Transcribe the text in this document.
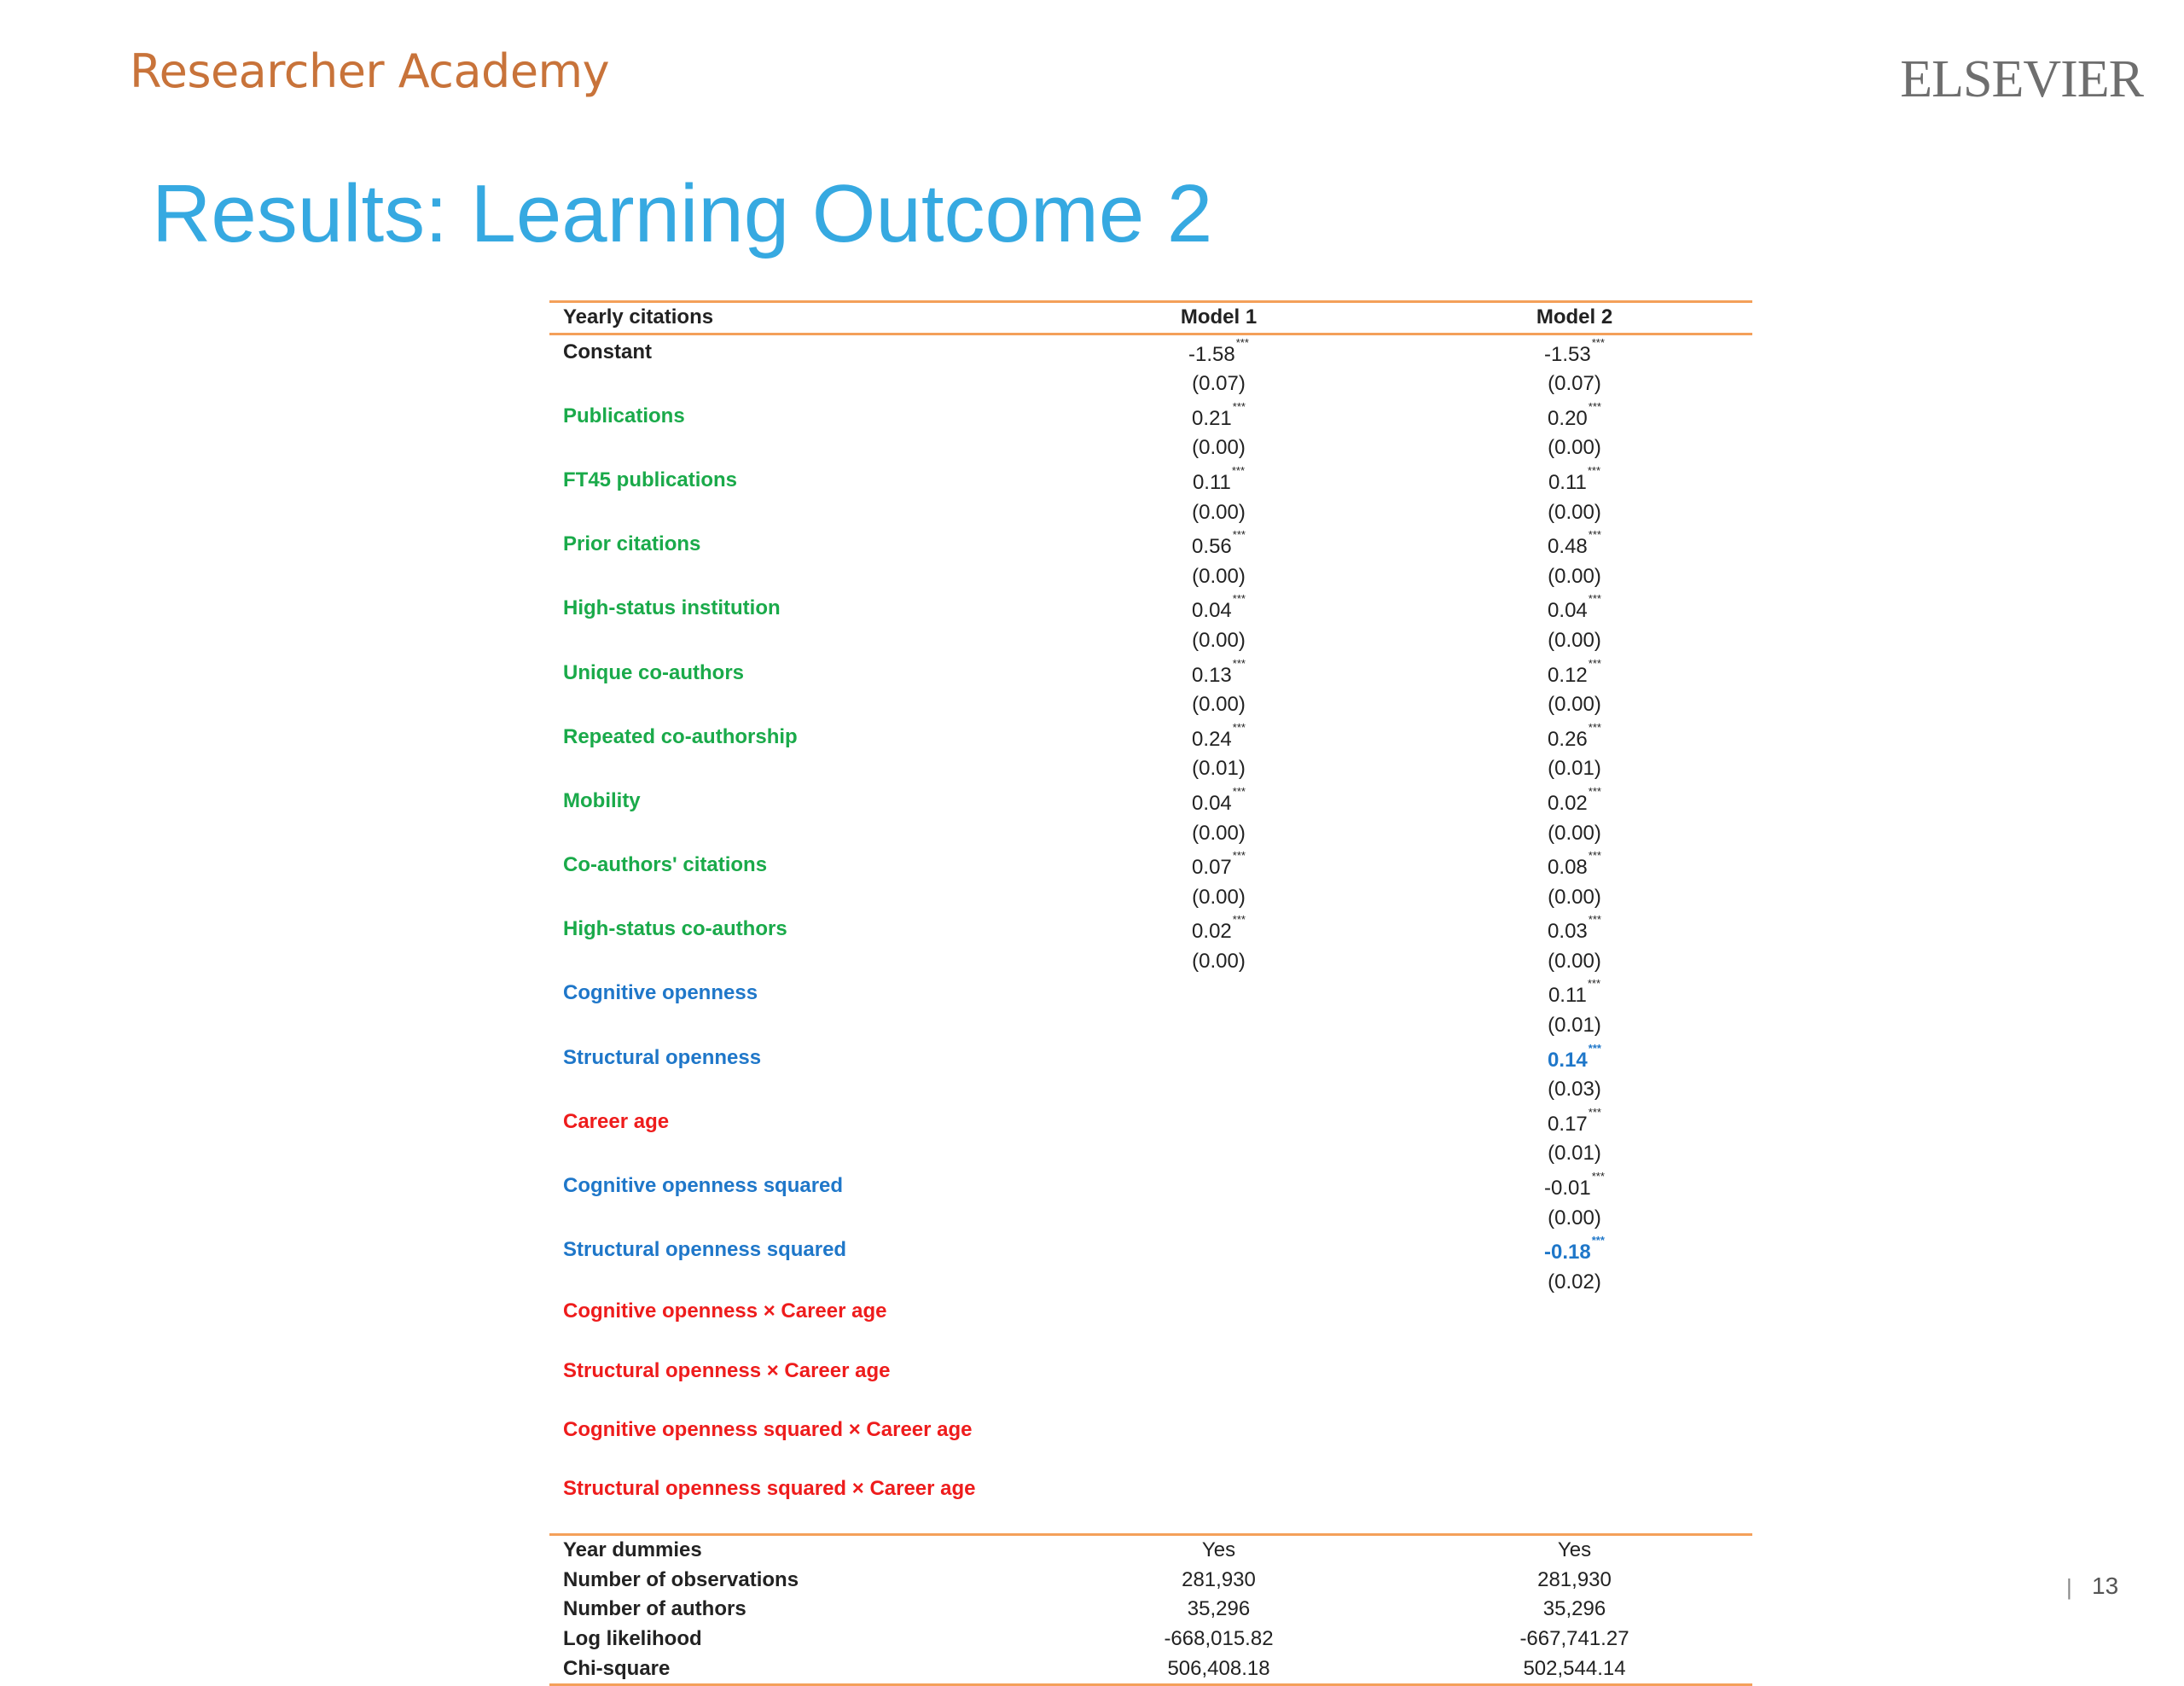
Researcher Academy	ELSEVIER
Results: Learning Outcome 2
Yearly citations	Model 1	Model 2
Constant	-1.58***	-1.53***
	(0.07)	(0.07)
Publications	0.21***	0.20***
	(0.00)	(0.00)
FT45 publications	0.11***	0.11***
	(0.00)	(0.00)
Prior citations	0.56***	0.48***
	(0.00)	(0.00)
High-status institution	0.04***	0.04***
	(0.00)	(0.00)
Unique co-authors	0.13***	0.12***
	(0.00)	(0.00)
Repeated co-authorship	0.24***	0.26***
	(0.01)	(0.01)
Mobility	0.04***	0.02***
	(0.00)	(0.00)
Co-authors' citations	0.07***	0.08***
	(0.00)	(0.00)
High-status co-authors	0.02***	0.03***
	(0.00)	(0.00)
Cognitive openness		0.11***
		(0.01)
Structural openness		0.14***
		(0.03)
Career age		0.17***
		(0.01)
Cognitive openness squared		-0.01***
		(0.00)
Structural openness squared		-0.18***
		(0.02)
Cognitive openness × Career age		

Structural openness × Career age		

Cognitive openness squared × Career age		

Structural openness squared × Career age		

Year dummies	Yes	Yes
Number of observations	281,930	281,930
Number of authors	35,296	35,296
Log likelihood	-668,015.82	-667,741.27
Chi-square	506,408.18	502,544.14
| 13
